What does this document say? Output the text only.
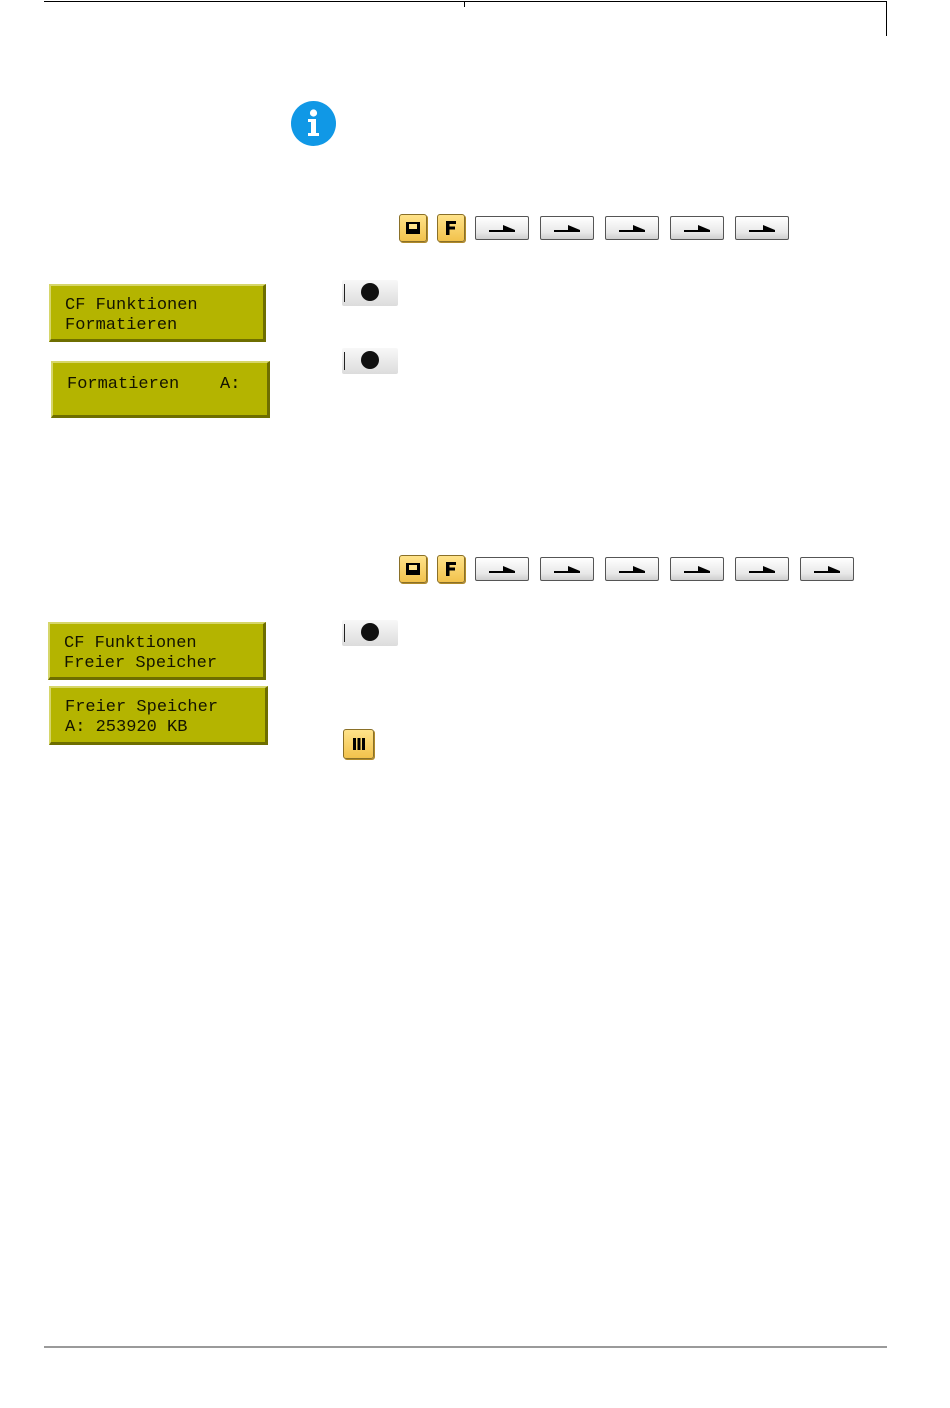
CF Funktionen
Formatieren
Formatieren    A:
CF Funktionen
Freier Speicher
Freier Speicher
A: 253920 KB
